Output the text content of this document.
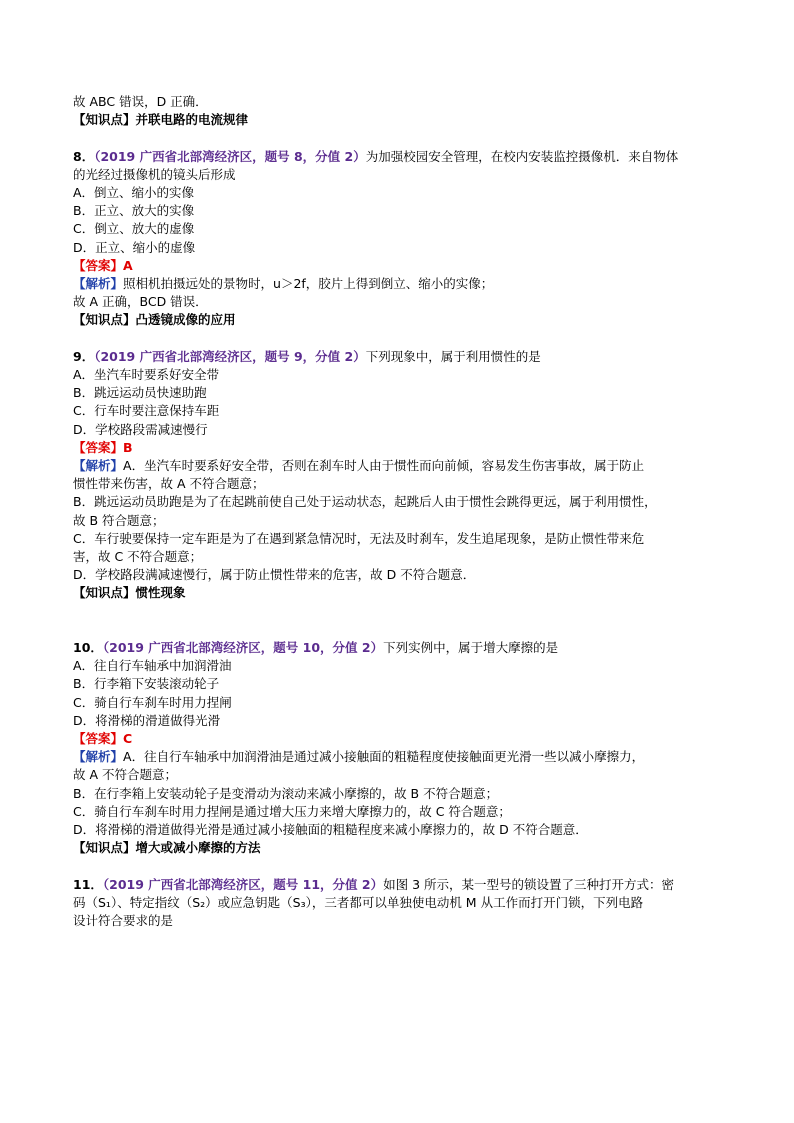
故 ABC 错误，D 正确．
【知识点】并联电路的电流规律
8．（2019 广西省北部湾经济区，题号 8，分值 2）为加强校园安全管理，在校内安装监控摄像机．来自物体
的光经过摄像机的镜头后形成
A．倒立、缩小的实像
B．正立、放大的实像
C．倒立、放大的虚像
D．正立、缩小的虚像
【答案】A
【解析】照相机拍摄远处的景物时，u＞2f，胶片上得到倒立、缩小的实像；
故 A 正确，BCD 错误．
【知识点】凸透镜成像的应用
9．（2019 广西省北部湾经济区，题号 9，分值 2）下列现象中，属于利用惯性的是
A．坐汽车时要系好安全带
B．跳远运动员快速助跑
C．行车时要注意保持车距
D．学校路段需减速慢行
【答案】B
【解析】A．坐汽车时要系好安全带，否则在刹车时人由于惯性而向前倾，容易发生伤害事故，属于防止
惯性带来伤害，故 A 不符合题意；
B．跳远运动员助跑是为了在起跳前使自己处于运动状态，起跳后人由于惯性会跳得更远，属于利用惯性，
故 B 符合题意；
C．车行驶要保持一定车距是为了在遇到紧急情况时，无法及时刹车，发生追尾现象，是防止惯性带来危
害，故 C 不符合题意；
D．学校路段满减速慢行，属于防止惯性带来的危害，故 D 不符合题意．
【知识点】惯性现象
10．（2019 广西省北部湾经济区，题号 10，分值 2）下列实例中，属于增大摩擦的是
A．往自行车轴承中加润滑油
B．行李箱下安装滚动轮子
C．骑自行车刹车时用力捏闸
D．将滑梯的滑道做得光滑
【答案】C
【解析】A．往自行车轴承中加润滑油是通过减小接触面的粗糙程度使接触面更光滑一些以减小摩擦力，
故 A 不符合题意；
B．在行李箱上安装动轮子是变滑动为滚动来减小摩擦的，故 B 不符合题意；
C．骑自行车刹车时用力捏闸是通过增大压力来增大摩擦力的，故 C 符合题意；
D．将滑梯的滑道做得光滑是通过减小接触面的粗糙程度来减小摩擦力的，故 D 不符合题意．
【知识点】增大或减小摩擦的方法
11．（2019 广西省北部湾经济区，题号 11，分值 2）如图 3 所示，某一型号的锁设置了三种打开方式：密
码（S₁）、特定指纹（S₂）或应急钥匙（S₃），三者都可以单独使电动机 M 从工作而打开门锁，下列电路
设计符合要求的是
